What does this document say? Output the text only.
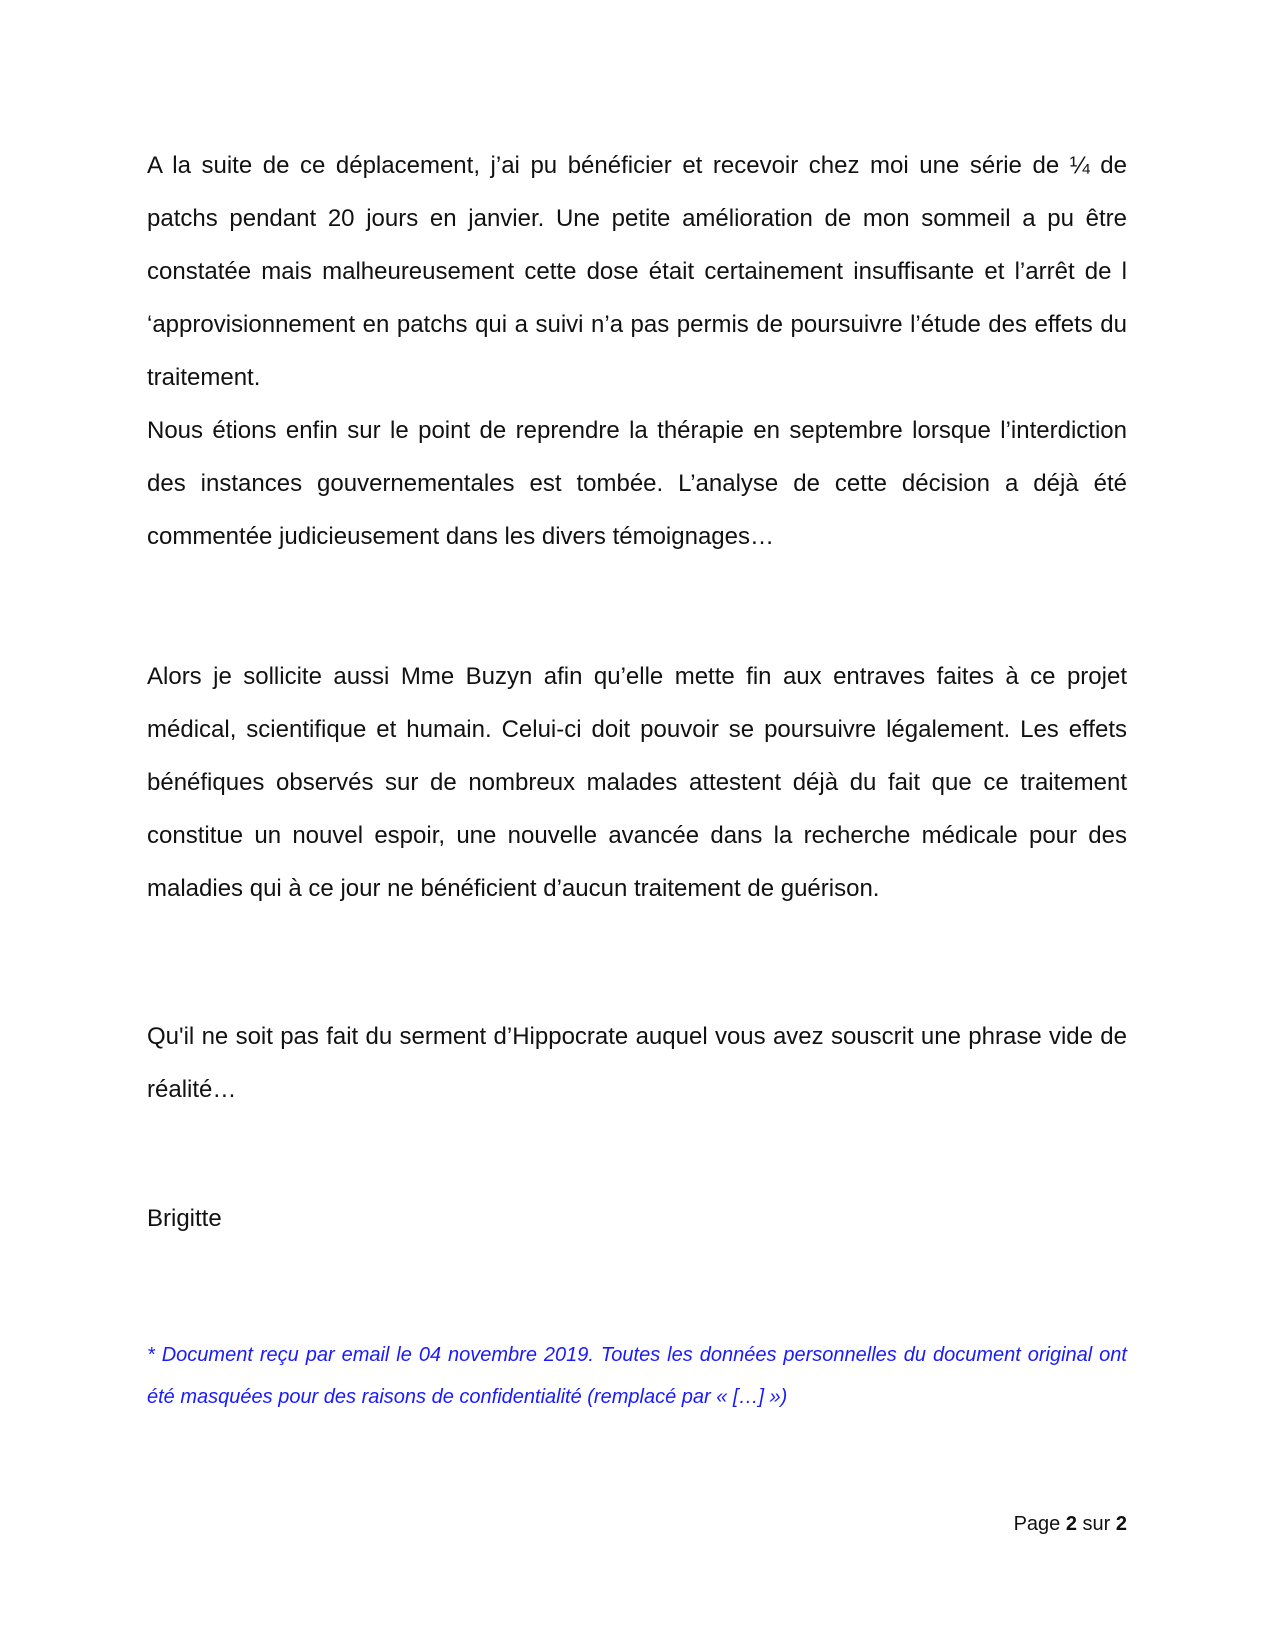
A la suite de ce déplacement, j’ai pu bénéficier et recevoir chez moi une série de ¼ de patchs pendant 20 jours en janvier. Une petite amélioration de mon sommeil a pu être constatée mais malheureusement cette dose était certainement insuffisante et l’arrêt de l ‘approvisionnement en patchs qui a suivi n’a pas permis de poursuivre l’étude des effets du traitement.

Nous étions enfin sur le point de reprendre la thérapie en septembre lorsque l’interdiction des instances gouvernementales est tombée. L’analyse de cette décision a déjà été commentée judicieusement dans les divers témoignages…

Alors je sollicite aussi Mme Buzyn afin qu’elle mette fin aux entraves faites à ce projet médical, scientifique et humain. Celui-ci doit pouvoir se poursuivre légalement. Les effets bénéfiques observés sur de nombreux malades attestent déjà du fait que ce traitement constitue un nouvel espoir, une nouvelle avancée dans la recherche médicale pour des maladies qui à ce jour ne bénéficient d’aucun traitement de guérison.

Qu'il ne soit pas fait du serment d’Hippocrate auquel vous avez souscrit une phrase vide de réalité…

Brigitte

* Document reçu par email le 04 novembre 2019. Toutes les données personnelles du document original ont été masquées pour des raisons de confidentialité (remplacé par « […] »)

Page 2 sur 2
